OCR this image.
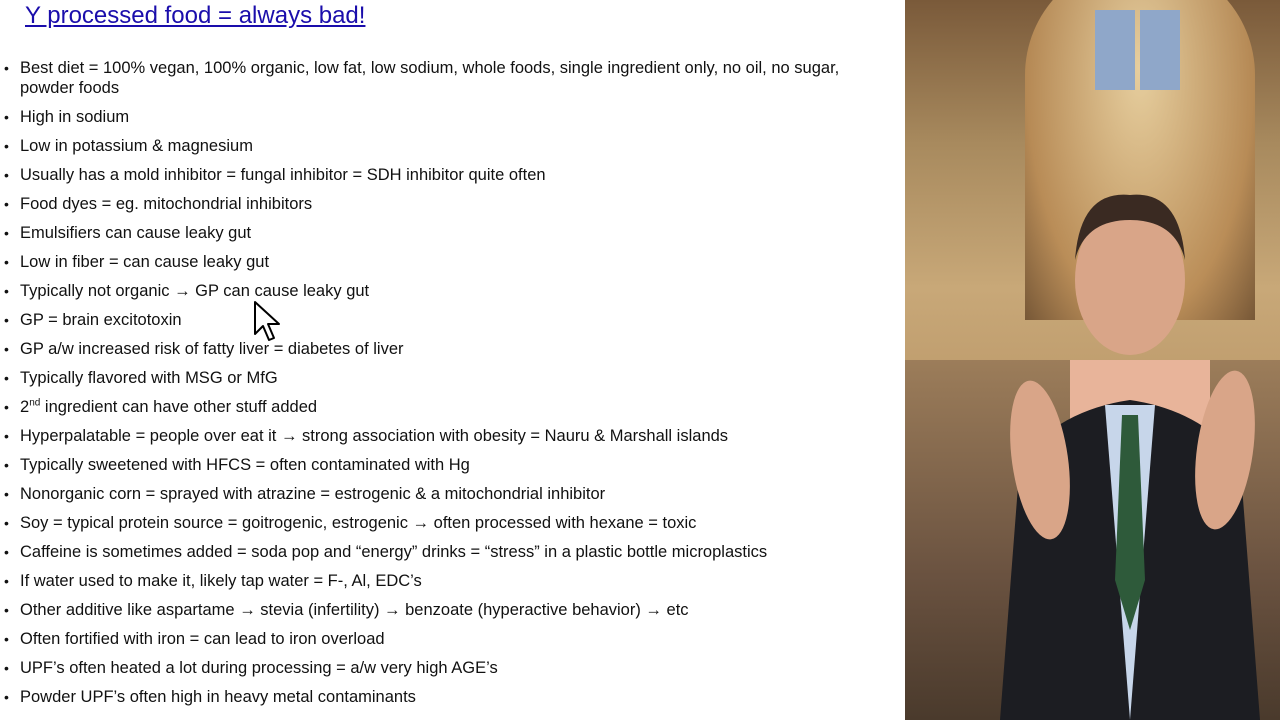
Y processed food = always bad!
• Best diet = 100% vegan, 100% organic, low fat, low sodium, whole foods, single ingredient only, no oil, no sugar,
powder foods
• High in sodium
• Low in potassium & magnesium
• Usually has a mold inhibitor = fungal inhibitor = SDH inhibitor quite often
• Food dyes = eg. mitochondrial inhibitors
• Emulsifiers can cause leaky gut
• Low in fiber = can cause leaky gut
• Typically not organic → GP can cause leaky gut
• GP = brain excitotoxin
• GP a/w increased risk of fatty liver = diabetes of liver
• Typically flavored with MSG or MfG
• 2nd ingredient can have other stuff added
• Hyperpalatable = people over eat it → strong association with obesity = Nauru & Marshall islands
• Typically sweetened with HFCS = often contaminated with Hg
• Nonorganic corn = sprayed with atrazine = estrogenic & a mitochondrial inhibitor
• Soy = typical protein source = goitrogenic, estrogenic → often processed with hexane = toxic
• Caffeine is sometimes added = soda pop and “energy” drinks = “stress” in a plastic bottle microplastics
• If water used to make it, likely tap water = F-, Al, EDC’s
• Other additive like aspartame → stevia (infertility) → benzoate (hyperactive behavior) → etc
• Often fortified with iron = can lead to iron overload
• UPF’s often heated a lot during processing = a/w very high AGE’s
• Powder UPF’s often high in heavy metal contaminants
